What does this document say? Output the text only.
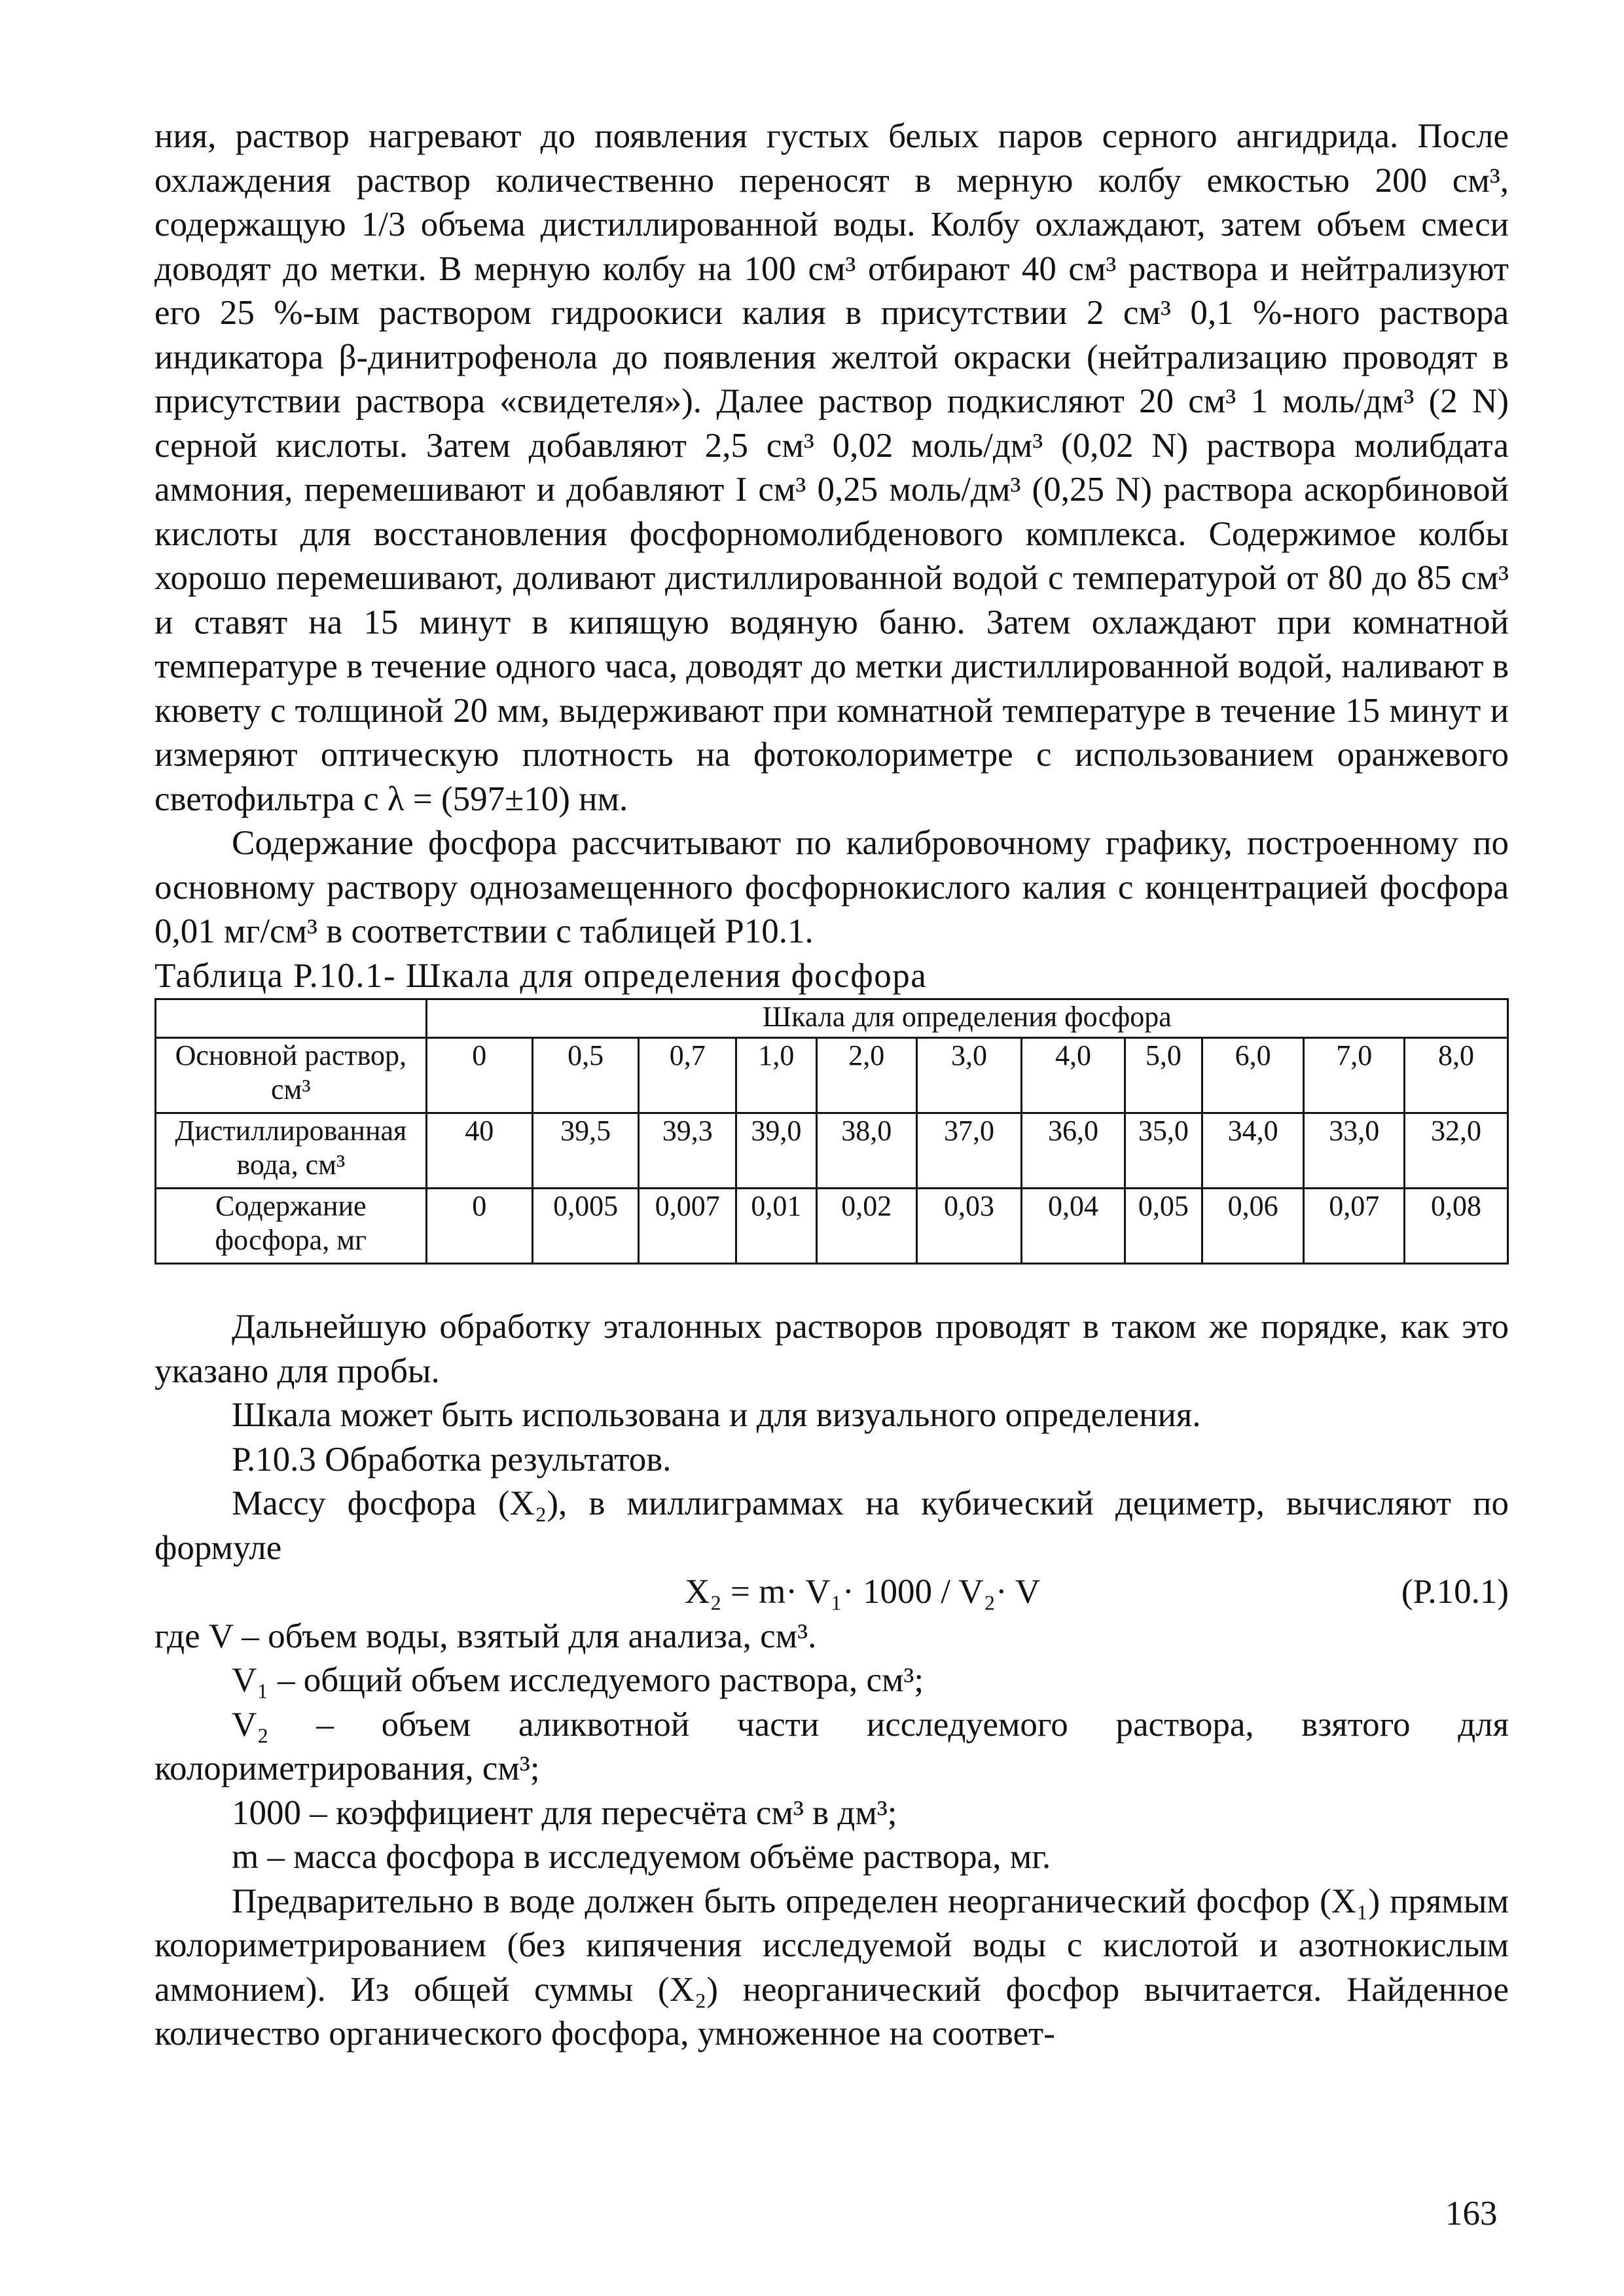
ния, раствор нагревают до появления густых белых паров серного ангидрида. После охлаждения раствор количественно переносят в мерную колбу емкостью 200 см³, содержащую 1/3 объема дистиллированной воды. Колбу охлаждают, затем объем смеси доводят до метки. В мерную колбу на 100 см³ отбирают 40 см³ раствора и нейтрализуют его 25 %-ым раствором гидроокиси калия в присутствии 2 см³ 0,1 %-ного раствора индикатора β-динитрофенола до появления желтой окраски (нейтрализацию проводят в присутствии раствора «свидетеля»). Далее раствор подкисляют 20 см³ 1 моль/дм³ (2 N) серной кислоты. Затем добавляют 2,5 см³ 0,02 моль/дм³ (0,02 N) раствора молибдата аммония, перемешивают и добавляют I см³ 0,25 моль/дм³ (0,25 N) раствора аскорбиновой кислоты для восстановления фосфорномолибденового комплекса. Содержимое колбы хорошо перемешивают, доливают дистиллированной водой с температурой от 80 до 85 см³ и ставят на 15 минут в кипящую водяную баню. Затем охлаждают при комнатной температуре в течение одного часа, доводят до метки дистиллированной водой, наливают в кювету с толщиной 20 мм, выдерживают при комнатной температуре в течение 15 минут и измеряют оптическую плотность на фотоколориметре с использованием оранжевого светофильтра с λ = (597±10) нм.

Содержание фосфора рассчитывают по калибровочному графику, построенному по основному раствору однозамещенного фосфорнокислого калия с концентрацией фосфора 0,01 мг/см³ в соответствии с таблицей Р10.1.

Таблица Р.10.1- Шкала для определения фосфора
	Шкала для определения фосфора										
Основной раствор, см³	0	0,5	0,7	1,0	2,0	3,0	4,0	5,0	6,0	7,0	8,0
Дистиллированная вода, см³	40	39,5	39,3	39,0	38,0	37,0	36,0	35,0	34,0	33,0	32,0
Содержание фосфора, мг	0	0,005	0,007	0,01	0,02	0,03	0,04	0,05	0,06	0,07	0,08

Дальнейшую обработку эталонных растворов проводят в таком же порядке, как это указано для пробы.

Шкала может быть использована и для визуального определения.

Р.10.3 Обработка результатов.

Массу фосфора (X₂), в миллиграммах на кубический дециметр, вычисляют по формуле

X₂ = m· V₁· 1000 / V₂· V	(Р.10.1)

где V – объем воды, взятый для анализа, см³.

V₁ – общий объем исследуемого раствора, см³;

V₂ – объем аликвотной части исследуемого раствора, взятого для колориметрирования, см³;

1000 – коэффициент для пересчёта см³ в дм³;

m – масса фосфора в исследуемом объёме раствора, мг.

Предварительно в воде должен быть определен неорганический фосфор (X₁) прямым колориметрированием (без кипячения исследуемой воды с кислотой и азотнокислым аммонием). Из общей суммы (X₂) неорганический фосфор вычитается. Найденное количество органического фосфора, умноженное на соответ-

163
